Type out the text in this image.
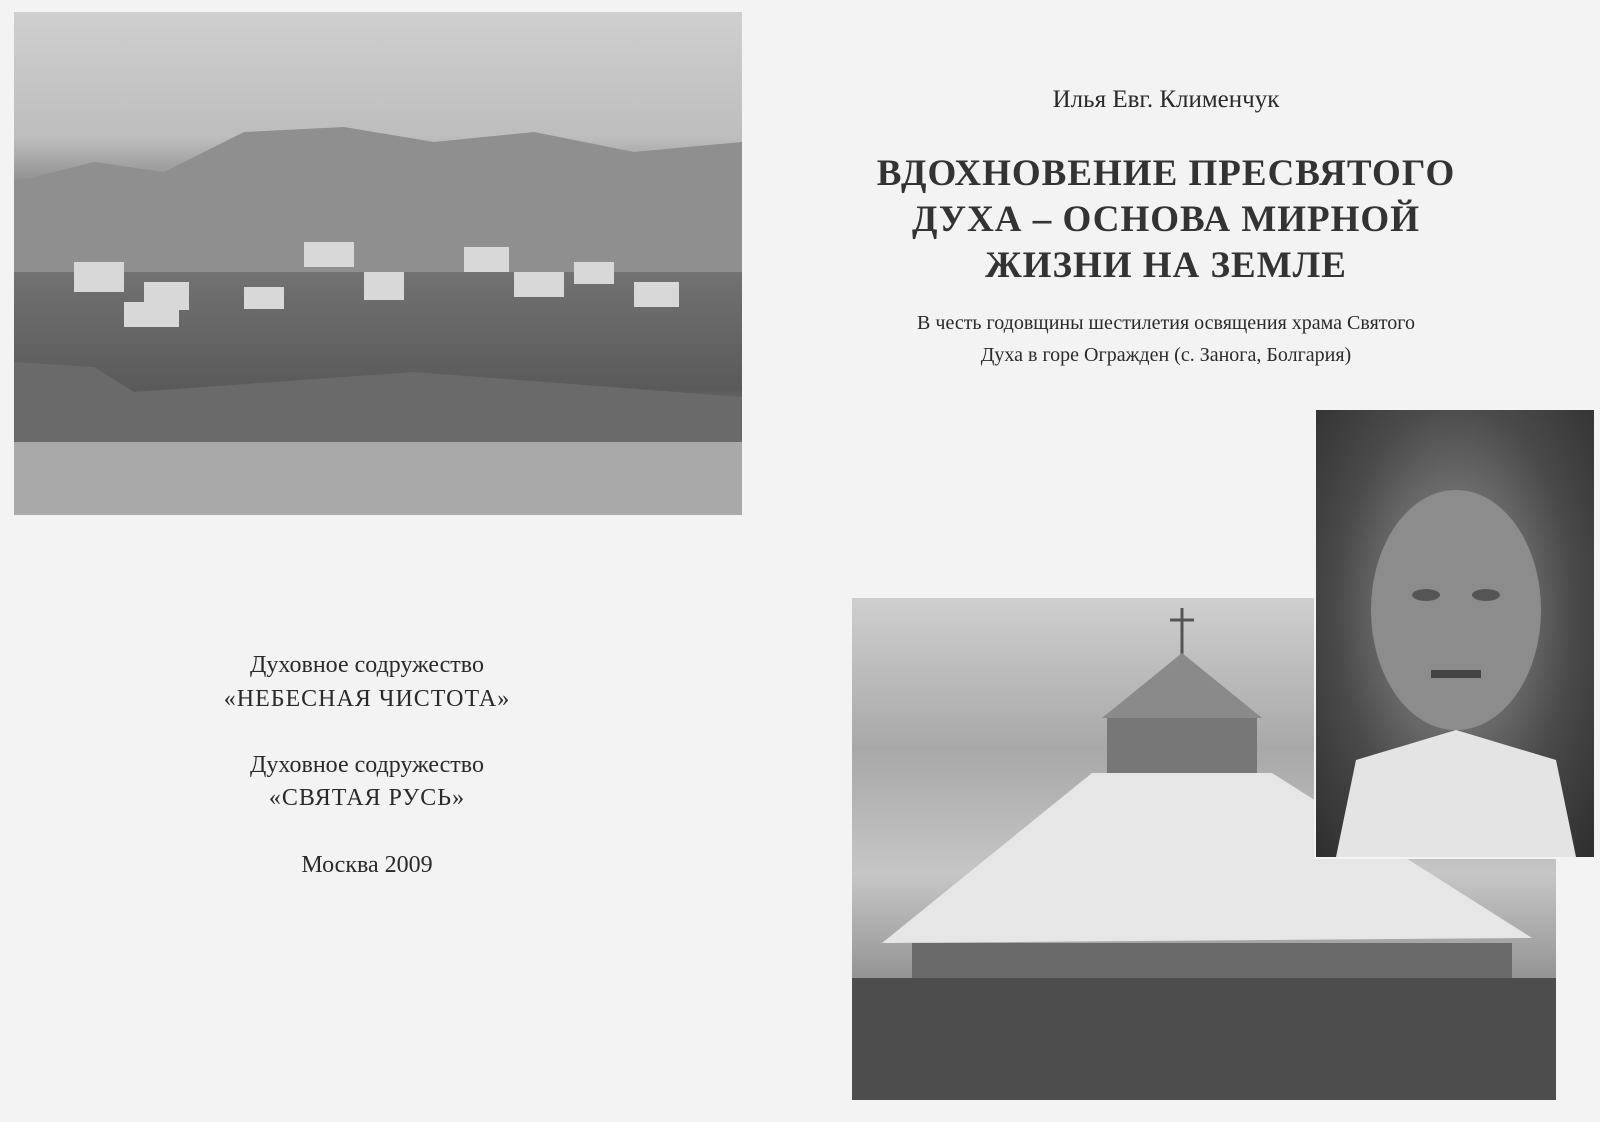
Илья Евг. Клименчук
ВДОХНОВЕНИЕ ПРЕСВЯТОГО
ДУХА – ОСНОВА МИРНОЙ
ЖИЗНИ НА ЗЕМЛЕ
В честь годовщины шестилетия освящения храма Святого
Духа в горе Огражден (с. Занога, Болгария)
Духовное содружество
«НЕБЕСНАЯ ЧИСТОТА»
Духовное содружество
«СВЯТАЯ РУСЬ»
Москва 2009
